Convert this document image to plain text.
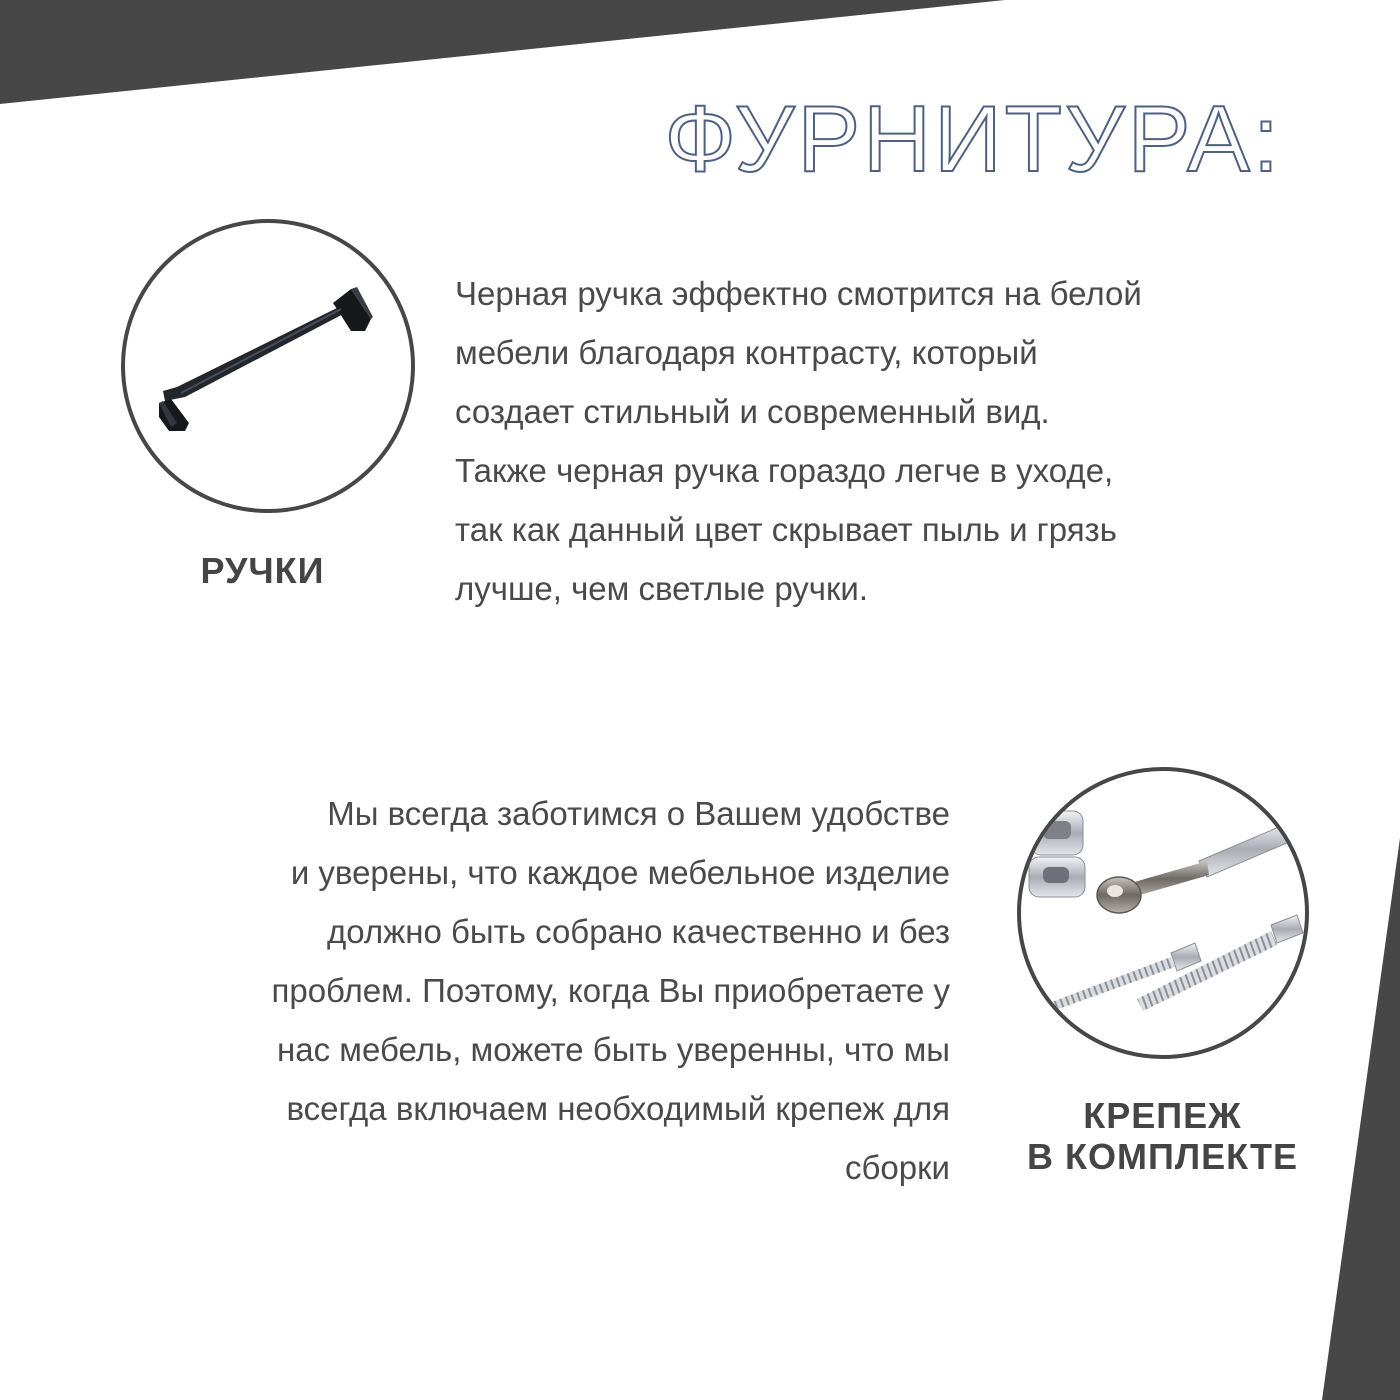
ФУРНИТУРА:

РУЧКИ

Черная ручка эффектно смотрится на белой
мебели благодаря контрасту, который
создает стильный и современный вид.
Также черная ручка гораздо легче в уходе,
так как данный цвет скрывает пыль и грязь
лучше, чем светлые ручки.

Мы всегда заботимся о Вашем удобстве
и уверены, что каждое мебельное изделие
должно быть собрано качественно и без
проблем. Поэтому, когда Вы приобретаете у
нас мебель, можете быть уверенны, что мы
всегда включаем необходимый крепеж для
сборки

КРЕПЕЖ
В КОМПЛЕКТЕ
